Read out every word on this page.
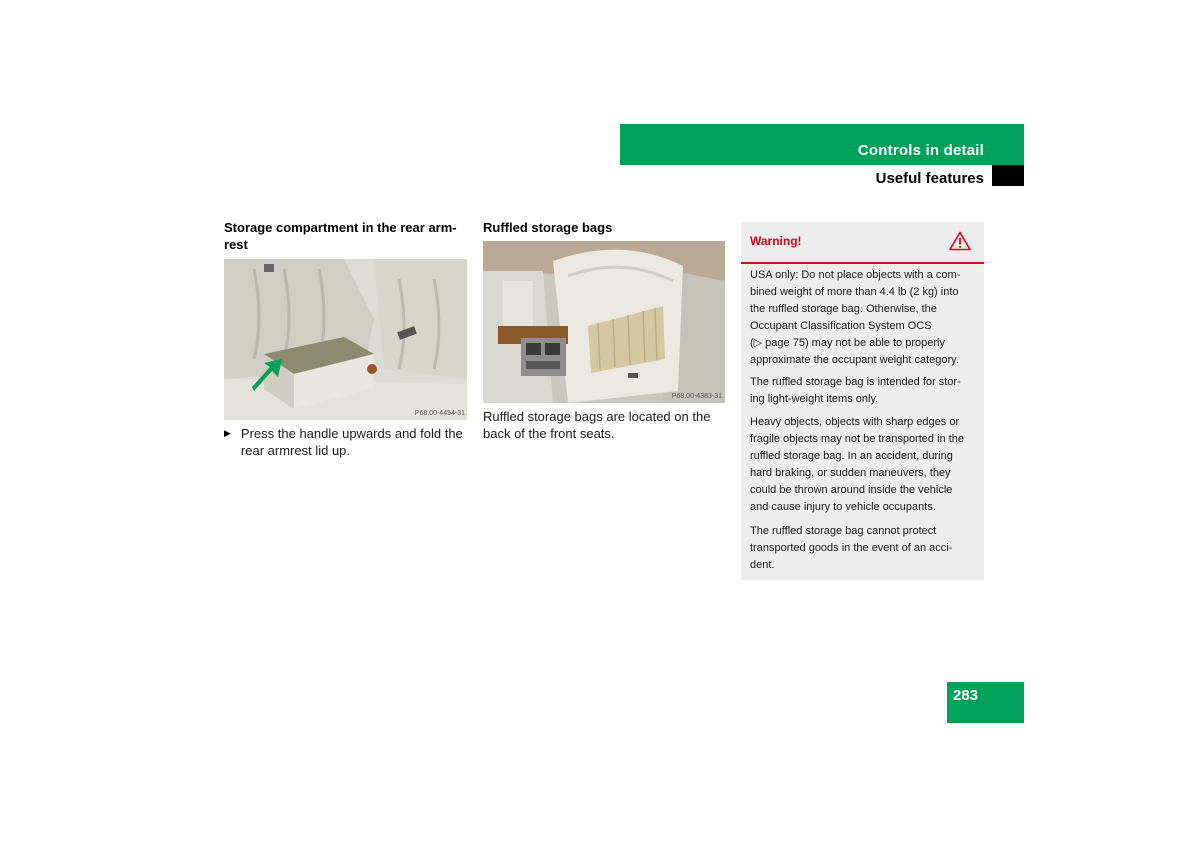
Controls in detail
Useful features
Storage compartment in the rear arm-
rest
P68.00-4454-31
▶ Press the handle upwards and fold the
rear armrest lid up.
Ruffled storage bags
P68.00-4383-31
Ruffled storage bags are located on the
back of the front seats.
Warning!
USA only: Do not place objects with a com-
bined weight of more than 4.4 lb (2 kg) into
the ruffled storage bag. Otherwise, the
Occupant Classification System OCS
(▷ page 75) may not be able to properly
approximate the occupant weight category.
The ruffled storage bag is intended for stor-
ing light-weight items only.
Heavy objects, objects with sharp edges or
fragile objects may not be transported in the
ruffled storage bag. In an accident, during
hard braking, or sudden maneuvers, they
could be thrown around inside the vehicle
and cause injury to vehicle occupants.
The ruffled storage bag cannot protect
transported goods in the event of an acci-
dent.
283
